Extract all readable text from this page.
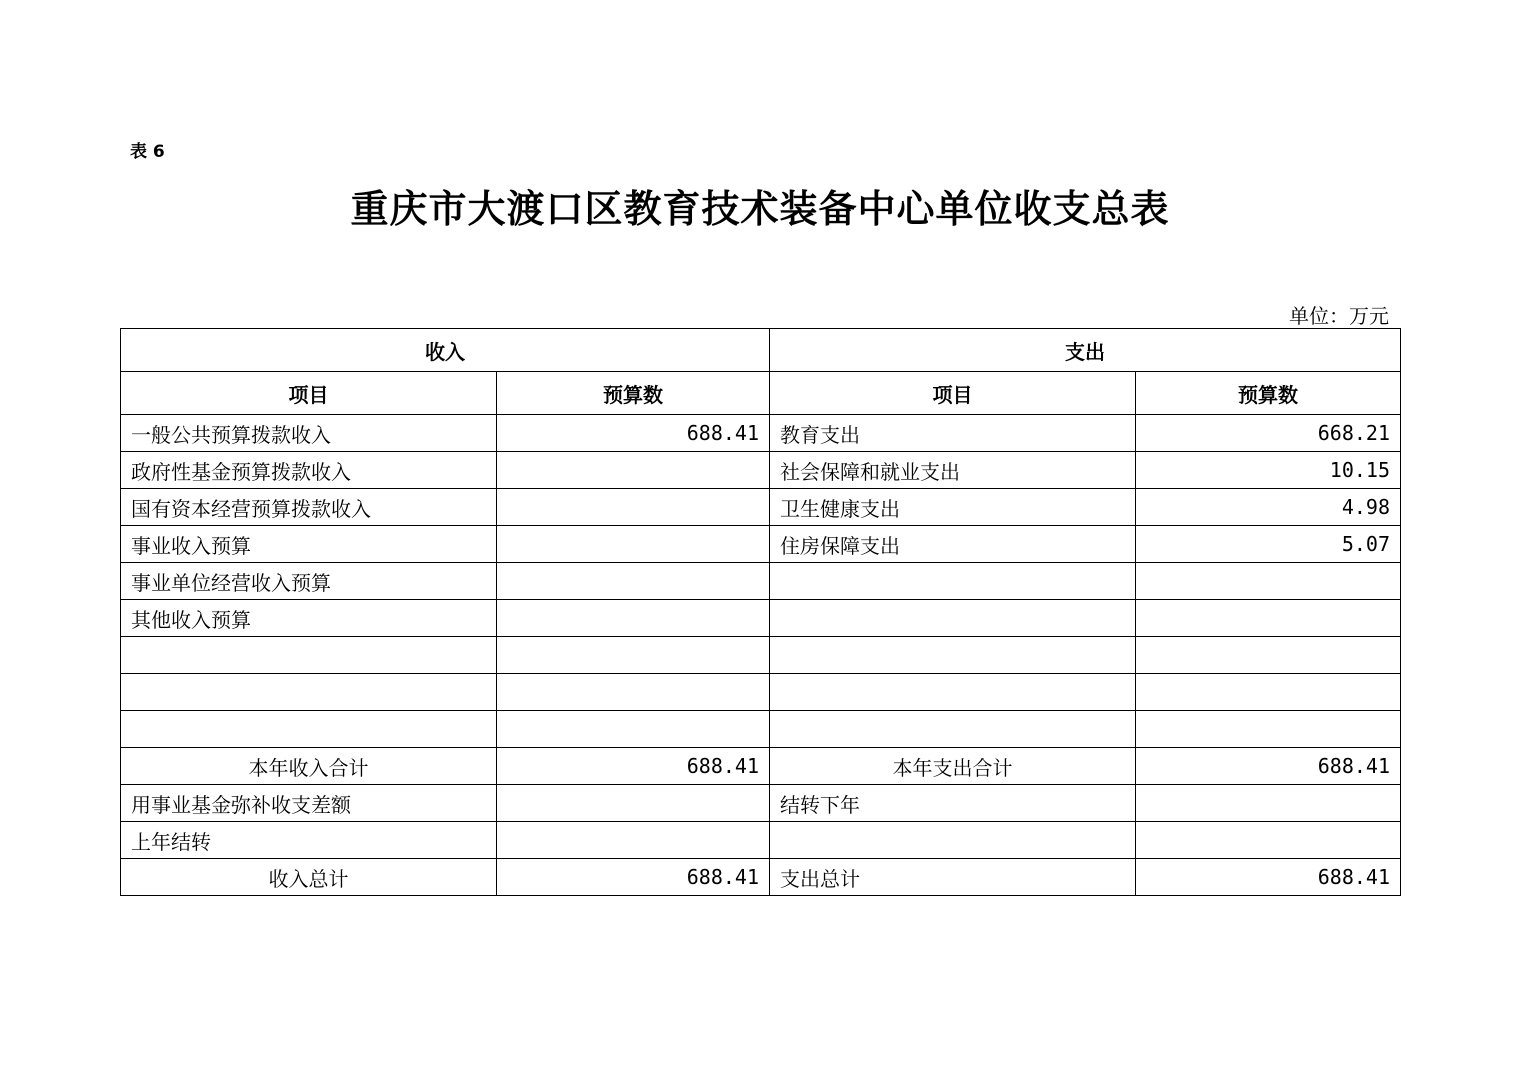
表 6
重庆市大渡口区教育技术装备中心单位收支总表
单位：万元
收入		支出	
项目	预算数	项目	预算数
一般公共预算拨款收入	688.41	教育支出	668.21
政府性基金预算拨款收入		社会保障和就业支出	10.15
国有资本经营预算拨款收入		卫生健康支出	4.98
事业收入预算		住房保障支出	5.07
事业单位经营收入预算			
其他收入预算			

本年收入合计	688.41	本年支出合计	688.41
用事业基金弥补收支差额		结转下年	
上年结转			
收入总计	688.41	支出总计	688.41
